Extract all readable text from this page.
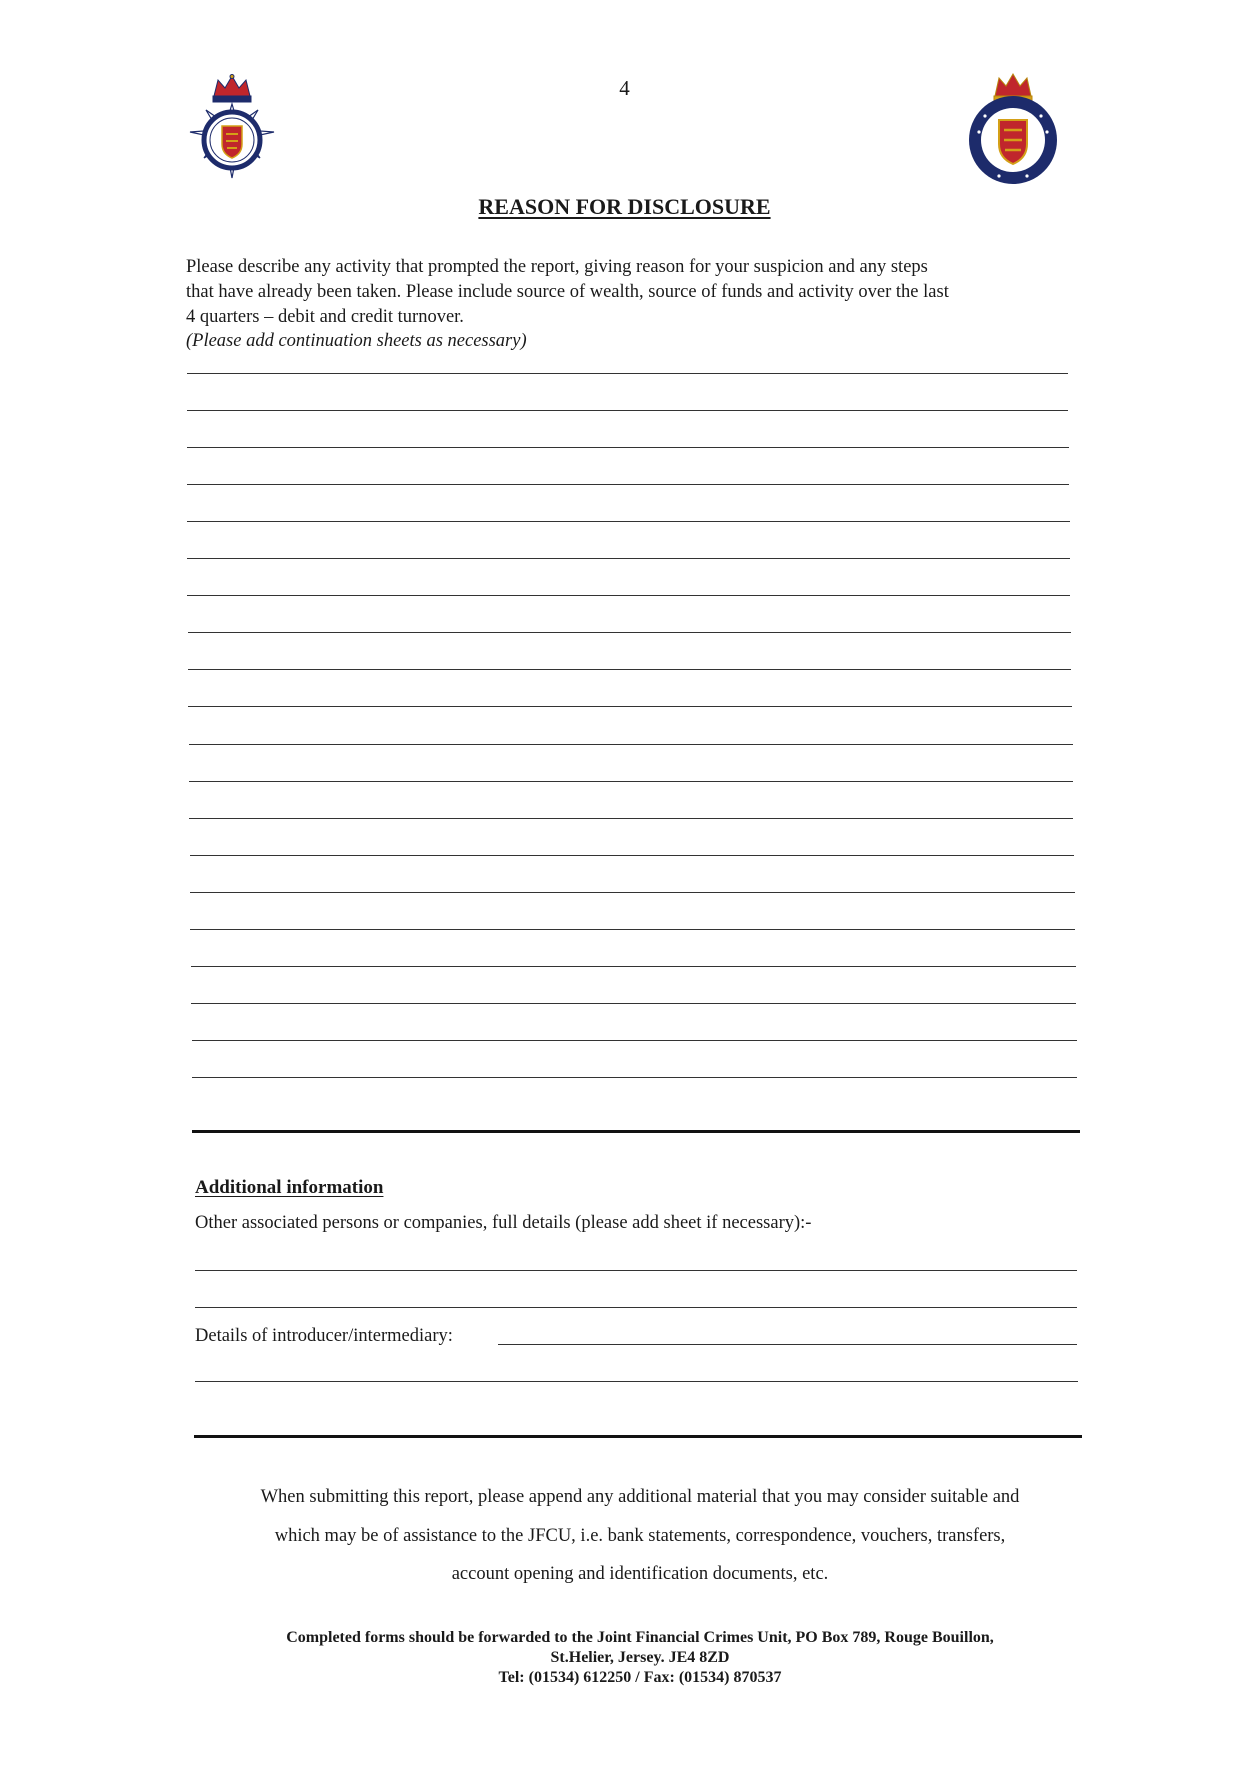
4
REASON FOR DISCLOSURE
Please describe any activity that prompted the report, giving reason for your suspicion and any steps
that have already been taken. Please include source of wealth, source of funds and activity over the last
4 quarters – debit and credit turnover.
(Please add continuation sheets as necessary)
Additional information
Other associated persons or companies, full details (please add sheet if necessary):-
Details of introducer/intermediary:
When submitting this report, please append any additional material that you may consider suitable and
which may be of assistance to the JFCU, i.e. bank statements, correspondence, vouchers, transfers,
account opening and identification documents, etc.
Completed forms should be forwarded to the Joint Financial Crimes Unit, PO Box 789, Rouge Bouillon,
St.Helier, Jersey. JE4 8ZD
Tel: (01534) 612250 / Fax: (01534) 870537
